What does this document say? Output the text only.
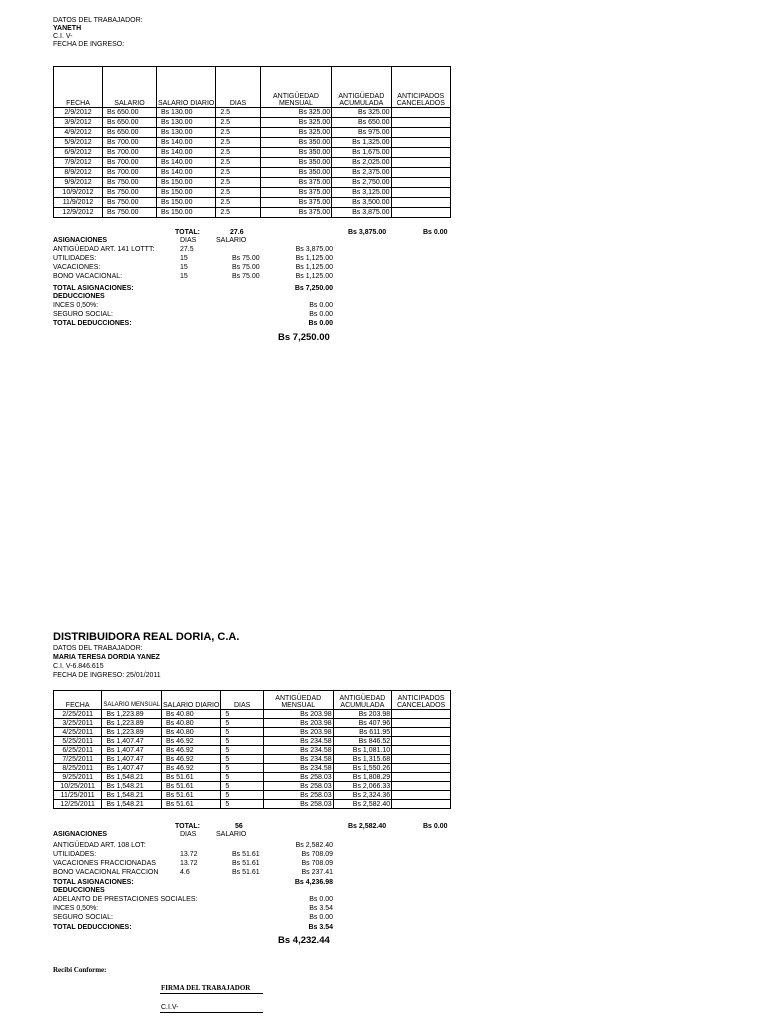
DATOS DEL TRABAJADOR:
YANETH
C.I. V-
FECHA DE INGRESO:
FECHA	SALARIO	SALARIO DIARIO	DIAS	ANTIGÜEDAD MENSUAL	ANTIGÜEDAD ACUMULADA	ANTICIPADOS CANCELADOS
2/9/2012	Bs 650.00	Bs 130.00	2.5	Bs 325.00	Bs 325.00	
3/9/2012	Bs 650.00	Bs 130.00	2.5	Bs 325.00	Bs 650.00	
4/9/2012	Bs 650.00	Bs 130.00	2.5	Bs 325.00	Bs 975.00	
5/9/2012	Bs 700.00	Bs 140.00	2.5	Bs 350.00	Bs 1,325.00	
6/9/2012	Bs 700.00	Bs 140.00	2.5	Bs 350.00	Bs 1,675.00	
7/9/2012	Bs 700.00	Bs 140.00	2.5	Bs 350.00	Bs 2,025.00	
8/9/2012	Bs 700.00	Bs 140.00	2.5	Bs 350.00	Bs 2,375.00	
9/9/2012	Bs 750.00	Bs 150.00	2.5	Bs 375.00	Bs 2,750.00	
10/9/2012	Bs 750.00	Bs 150.00	2.5	Bs 375.00	Bs 3,125.00	
11/9/2012	Bs 750.00	Bs 150.00	2.5	Bs 375.00	Bs 3,500.00	
12/9/2012	Bs 750.00	Bs 150.00	2.5	Bs 375.00	Bs 3,875.00	
TOTAL:	27.6	Bs 3,875.00	Bs 0.00
DIAS	SALARIO
ASIGNACIONES
ANTIGÜEDAD ART. 141 LOTTT:	27.5	Bs 3,875.00
UTILIDADES:	15	Bs 75.00	Bs 1,125.00
VACACIONES:	15	Bs 75.00	Bs 1,125.00
BONO VACACIONAL:	15	Bs 75.00	Bs 1,125.00
TOTAL ASIGNACIONES:	Bs 7,250.00
DEDUCCIONES
INCES 0,50%:	Bs 0.00
SEGURO SOCIAL:	Bs 0.00
TOTAL DEDUCCIONES:	Bs 0.00
Bs 7,250.00
DISTRIBUIDORA REAL DORIA, C.A.
DATOS DEL TRABAJADOR:
MARIA TERESA DORDIA YANEZ
C.I. V-6.846.615
FECHA DE INGRESO: 25/01/2011
FECHA	SALARIO MENSUAL	SALARIO DIARIO	DIAS	ANTIGÜEDAD MENSUAL	ANTIGÜEDAD ACUMULADA	ANTICIPADOS CANCELADOS
2/25/2011	Bs 1,223.89	Bs 40.80	5	Bs 203.98	Bs 203.98	
3/25/2011	Bs 1,223.89	Bs 40.80	5	Bs 203.98	Bs 407.96	
4/25/2011	Bs 1,223.89	Bs 40.80	5	Bs 203.98	Bs 611.95	
5/25/2011	Bs 1,407.47	Bs 46.92	5	Bs 234.58	Bs 846.52	
6/25/2011	Bs 1,407.47	Bs 46.92	5	Bs 234.58	Bs 1,081.10	
7/25/2011	Bs 1,407.47	Bs 46.92	5	Bs 234.58	Bs 1,315.68	
8/25/2011	Bs 1,407.47	Bs 46.92	5	Bs 234.58	Bs 1,550.26	
9/25/2011	Bs 1,548.21	Bs 51.61	5	Bs 258.03	Bs 1,808.29	
10/25/2011	Bs 1,548.21	Bs 51.61	5	Bs 258.03	Bs 2,066.33	
11/25/2011	Bs 1,548.21	Bs 51.61	5	Bs 258.03	Bs 2,324.36	
12/25/2011	Bs 1,548.21	Bs 51.61	5	Bs 258.03	Bs 2,582.40	
TOTAL:	56	Bs 2,582.40	Bs 0.00
DIAS	SALARIO
ASIGNACIONES
ANTIGÜEDAD ART. 108 LOT:	Bs 2,582.40
UTILIDADES:	13.72	Bs 51.61	Bs 708.09
VACACIONES FRACCIONADAS	13.72	Bs 51.61	Bs 708.09
BONO VACACIONAL FRACCION	4.6	Bs 51.61	Bs 237.41
TOTAL ASIGNACIONES:	Bs 4,236.98
DEDUCCIONES
ADELANTO DE PRESTACIONES SOCIALES:	Bs 0.00
INCES 0,50%:	Bs 3.54
SEGURO SOCIAL:	Bs 0.00
TOTAL DEDUCCIONES:	Bs 3.54
Bs 4,232.44
Recibi Conforme:
FIRMA DEL TRABAJADOR
C.I.V-
